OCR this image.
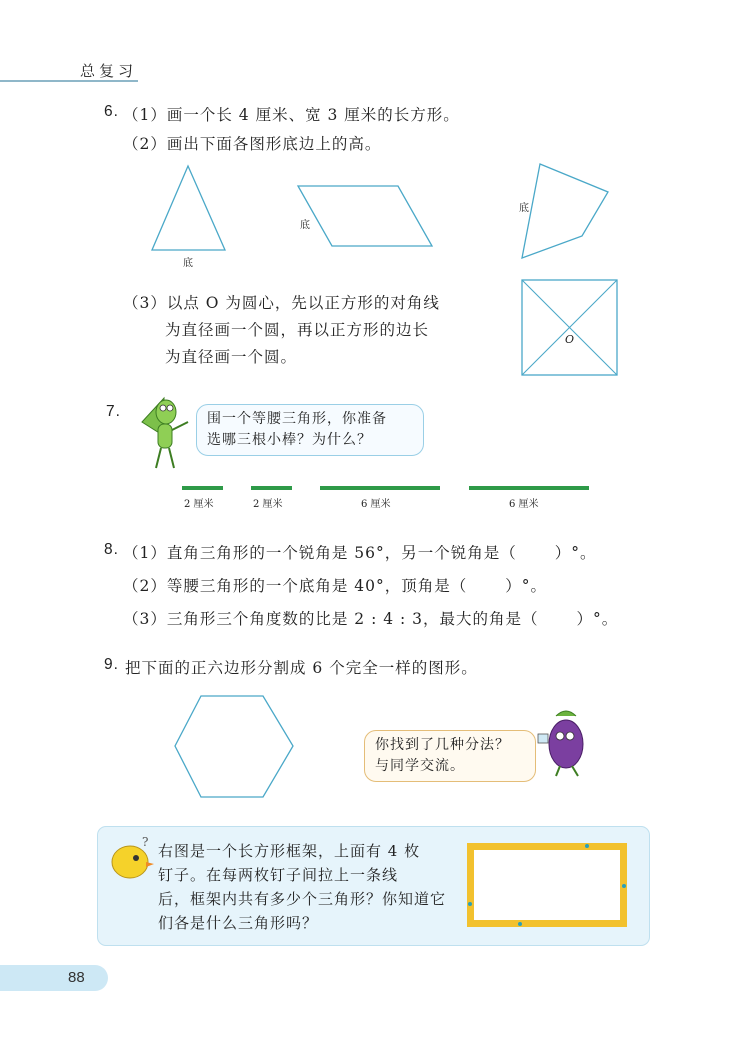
总复习
6. （1）画一个长 4 厘米、宽 3 厘米的长方形。
（2）画出下面各图形底边上的高。
底
底
底
O
（3）以点 O 为圆心，先以正方形的对角线
为直径画一个圆，再以正方形的边长
为直径画一个圆。
7.	围一个等腰三角形，你准备
选哪三根小棒？为什么？
2 厘米	2 厘米	6 厘米	6 厘米
8. （1）直角三角形的一个锐角是 56°，另一个锐角是（ ）°。
（2）等腰三角形的一个底角是 40°，顶角是（ ）°。
（3）三角形三个角度数的比是 2 : 4 : 3，最大的角是（ ）°。
9. 把下面的正六边形分割成 6 个完全一样的图形。
你找到了几种分法？
与同学交流。
? 右图是一个长方形框架，上面有 4 枚
钉子。在每两枚钉子间拉上一条线
后，框架内共有多少个三角形？你知道它
们各是什么三角形吗？
88
